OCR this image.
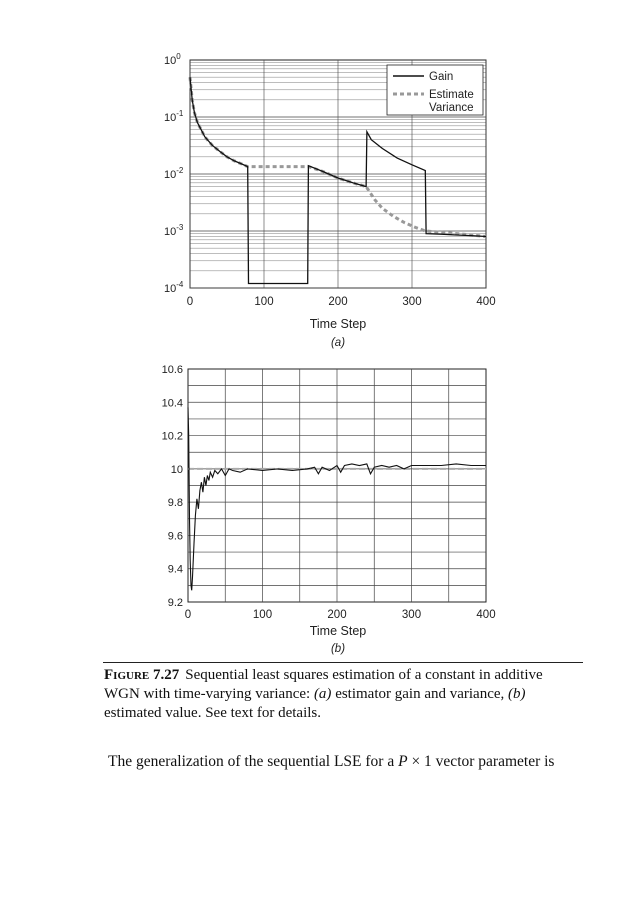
0	100	200	300	400
$10^0$
$10^{-1}$
$10^{-2}$
$10^{-3}$
$10^{-4}$
Gain
Estimate Variance
Time Step
(a)
0	100	200	300	400
10.6
10.4
10.2
10
9.8
9.6
9.4
9.2
Time Step
(b)
Figure 7.27 Sequential least squares estimation of a constant in additive WGN with time-varying variance: (a) estimator gain and variance, (b) estimated value. See text for details.
The generalization of the sequential LSE for a P × 1 vector parameter is
